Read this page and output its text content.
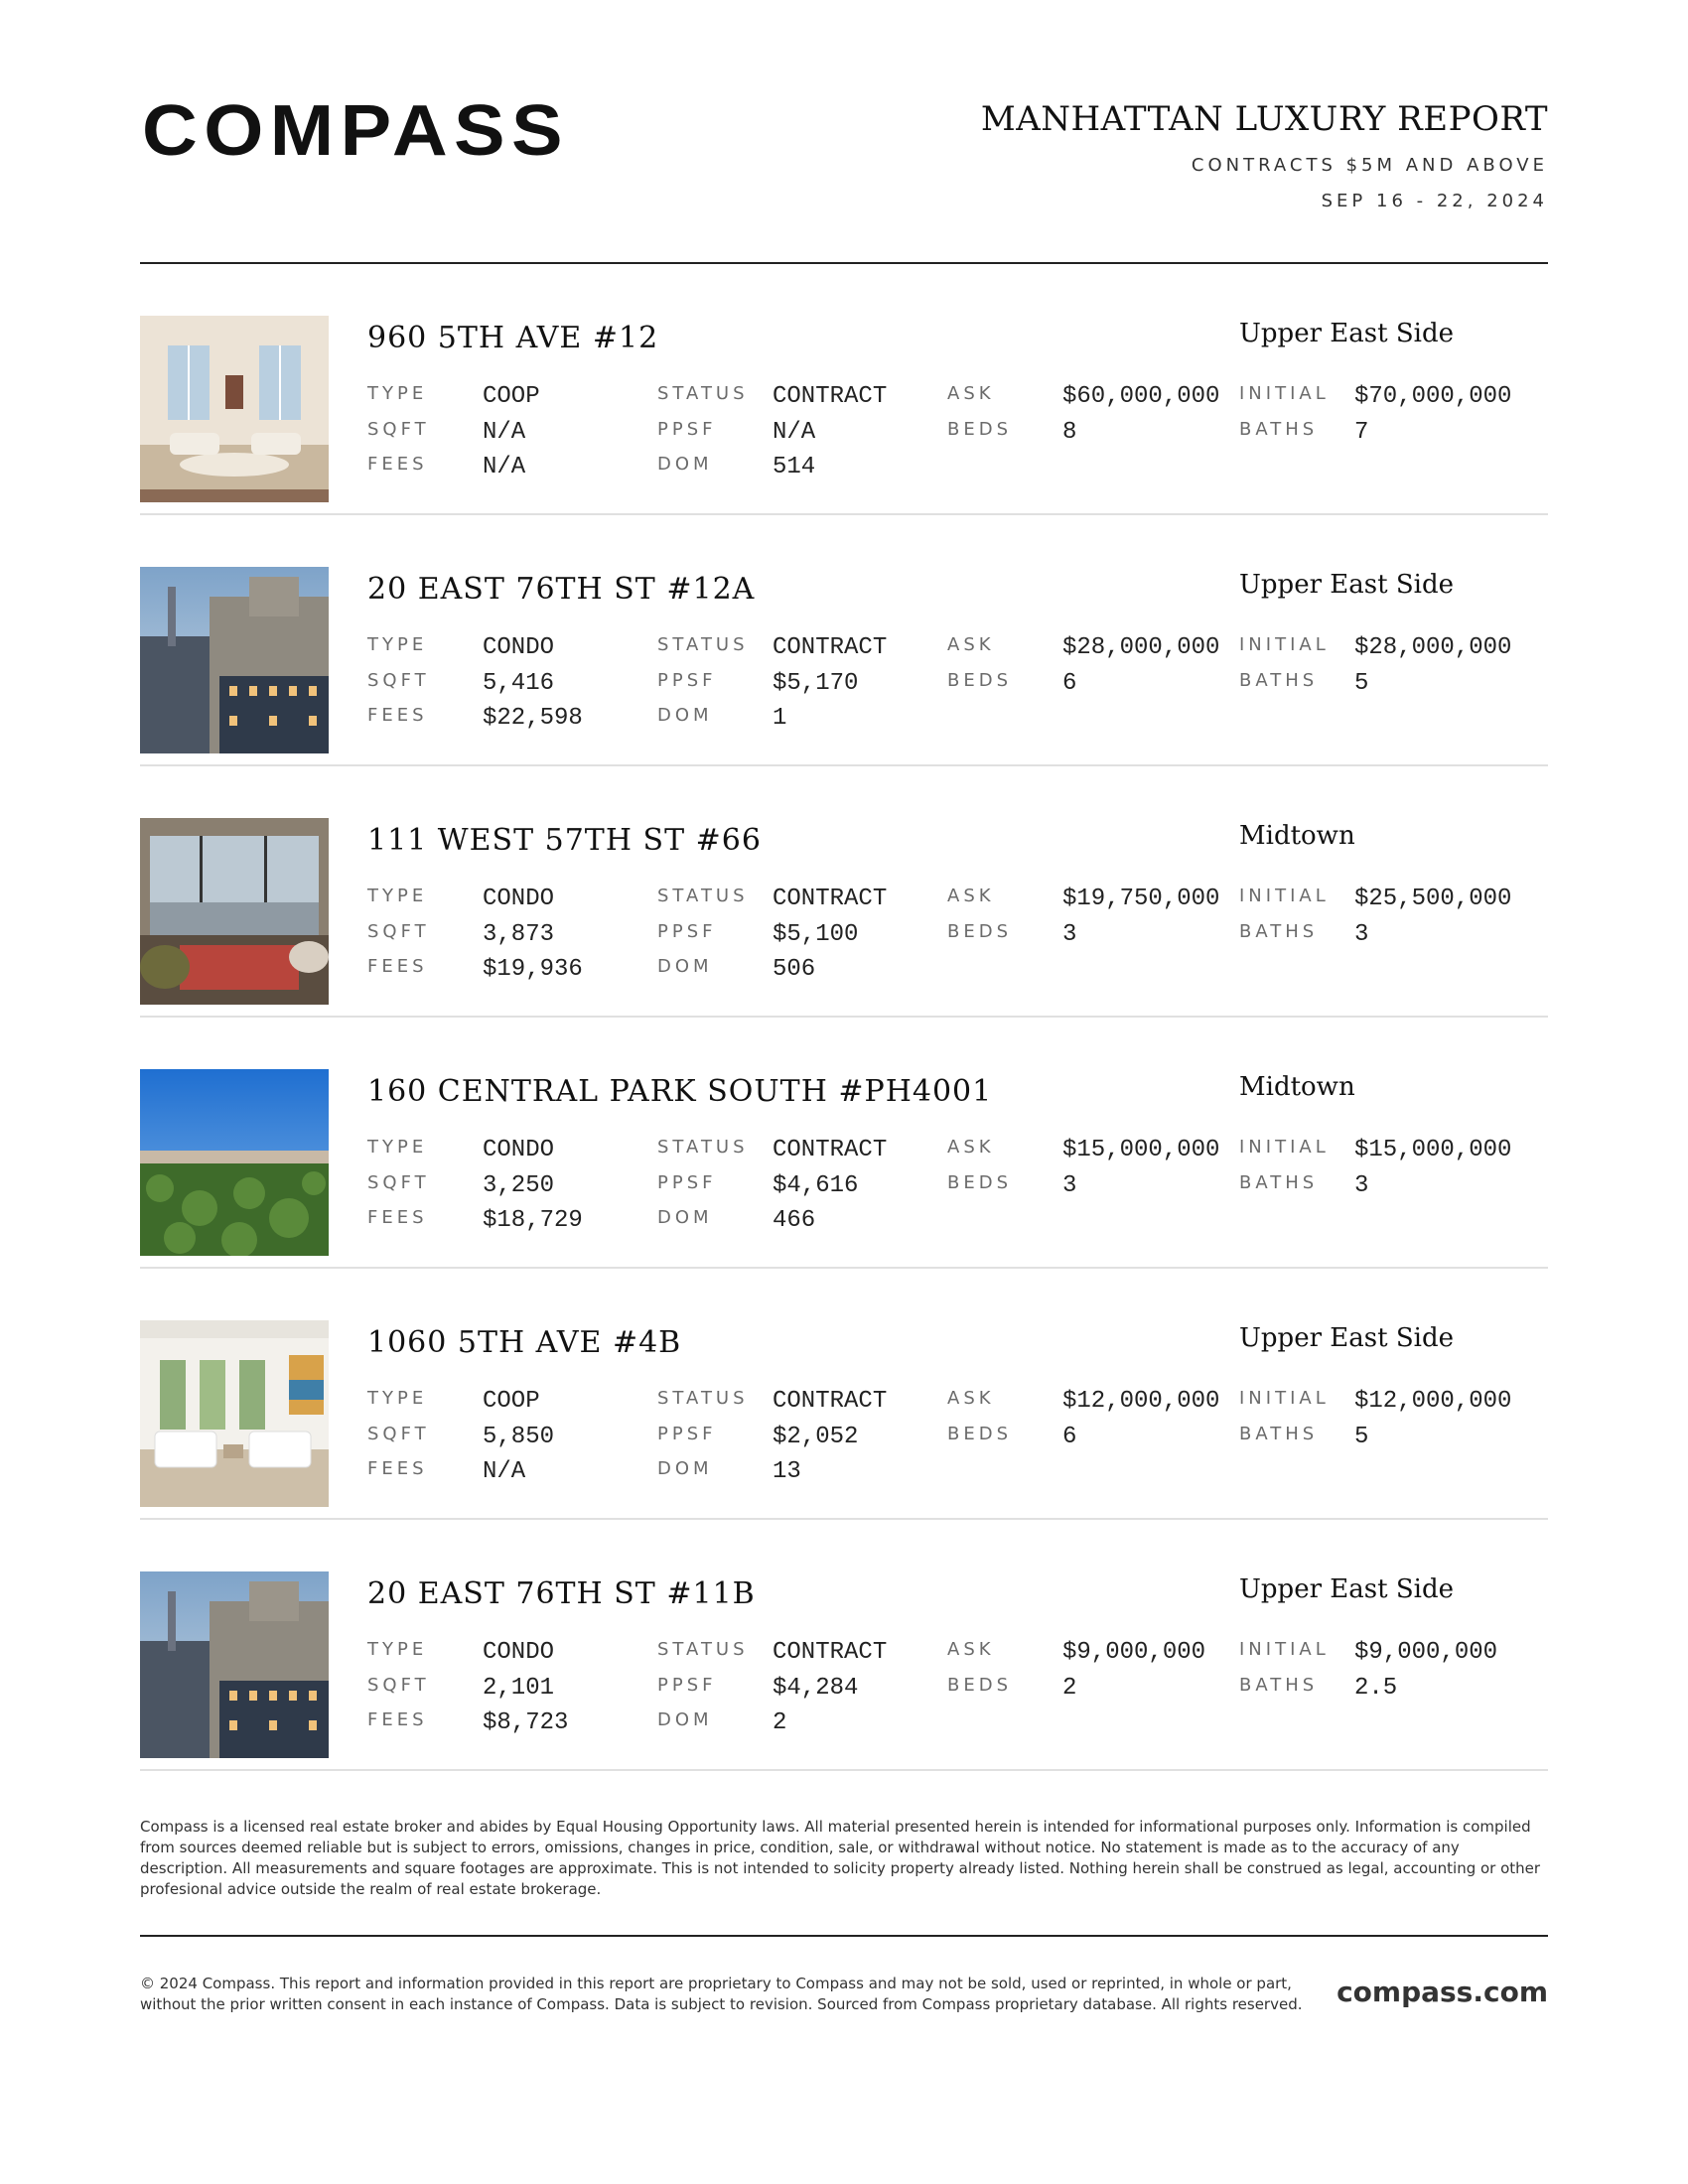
COMPASS	MANHATTAN LUXURY REPORT
CONTRACTS $5M AND ABOVE
SEP 16 - 22, 2024
960 5TH AVE #12	Upper East Side
TYPE COOP
SQFT N/A
FEES N/A
STATUS CONTRACT
PPSF N/A
DOM	514
ASK	$60,000,000
BEDS 8
INITIAL $70,000,000
BATHS 7
20 EAST 76TH ST #12A	Upper East Side
TYPE CONDO
SQFT 5,416
FEES $22,598
STATUS CONTRACT
PPSF $5,170
DOM	1
ASK	$28,000,000
BEDS 6
INITIAL $28,000,000
BATHS 5
111 WEST 57TH ST #66	Midtown
TYPE CONDO
SQFT 3,873
FEES $19,936
STATUS CONTRACT
PPSF $5,100
DOM	506
ASK	$19,750,000
BEDS 3
INITIAL $25,500,000
BATHS 3
160 CENTRAL PARK SOUTH #PH4001	Midtown
TYPE CONDO
SQFT 3,250
FEES $18,729
STATUS CONTRACT
PPSF $4,616
DOM	466
ASK	$15,000,000
BEDS 3
INITIAL $15,000,000
BATHS 3
1060 5TH AVE #4B	Upper East Side
TYPE COOP
SQFT 5,850
FEES N/A
STATUS CONTRACT
PPSF $2,052
DOM	13
ASK	$12,000,000
BEDS 6
INITIAL $12,000,000
BATHS 5
20 EAST 76TH ST #11B	Upper East Side
TYPE CONDO
SQFT 2,101
FEES $8,723
STATUS CONTRACT
PPSF $4,284
DOM	2
ASK	$9,000,000
BEDS 2
INITIAL $9,000,000
BATHS 2.5
Compass is a licensed real estate broker and abides by Equal Housing Opportunity laws. All material presented herein is intended for informational purposes only. Information is compiled from sources deemed reliable but is subject to errors, omissions, changes in price, condition, sale, or withdrawal without notice. No statement is made as to the accuracy of any description. All measurements and square footages are approximate. This is not intended to solicity property already listed. Nothing herein shall be construed as legal, accounting or other profesional advice outside the realm of real estate brokerage.
© 2024 Compass. This report and information provided in this report are proprietary to Compass and may not be sold, used or reprinted, in whole or part, without the prior written consent in each instance of Compass. Data is subject to revision. Sourced from Compass proprietary database. All rights reserved.	compass.com
